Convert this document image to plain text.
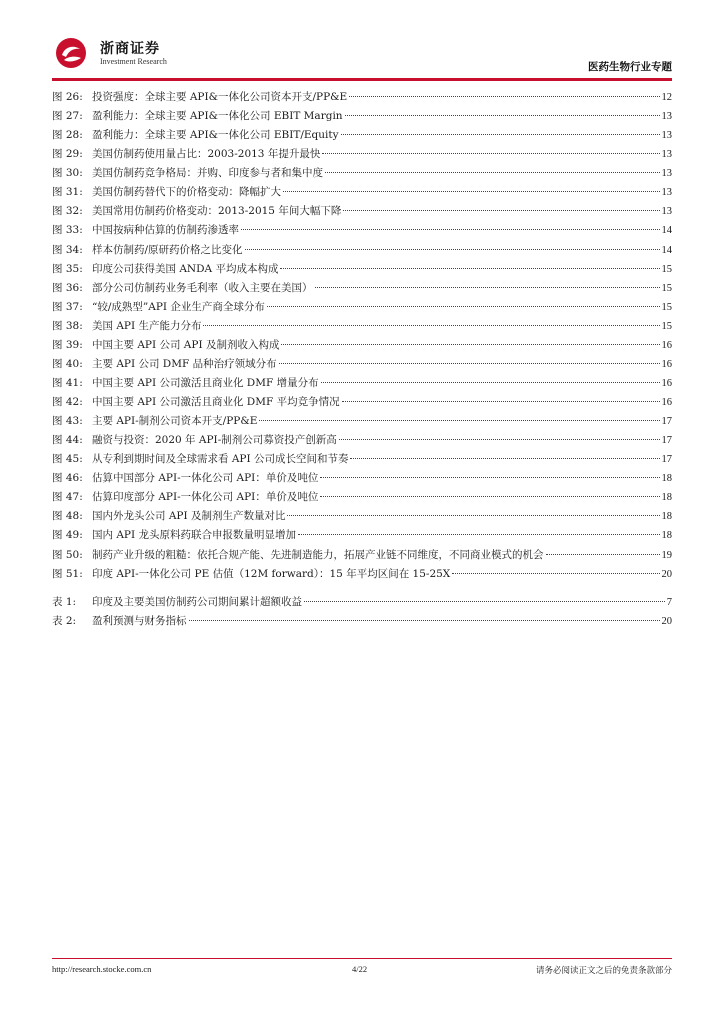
浙商证券
Investment Research	医药生物行业专题
图 26: 投资强度：全球主要 API&一体化公司资本开支/PP&E	12
图 27: 盈利能力：全球主要 API&一体化公司 EBIT Margin	13
图 28: 盈利能力：全球主要 API&一体化公司 EBIT/Equity	13
图 29: 美国仿制药使用量占比：2003-2013 年提升最快	13
图 30: 美国仿制药竞争格局：并购、印度参与者和集中度	13
图 31: 美国仿制药替代下的价格变动：降幅扩大	13
图 32: 美国常用仿制药价格变动：2013-2015 年间大幅下降	13
图 33: 中国按病种估算的仿制药渗透率	14
图 34: 样本仿制药/原研药价格之比变化	14
图 35: 印度公司获得美国 ANDA 平均成本构成	15
图 36: 部分公司仿制药业务毛利率（收入主要在美国）	15
图 37: “较/成熟型”API 企业生产商全球分布	15
图 38: 美国 API 生产能力分布	15
图 39: 中国主要 API 公司 API 及制剂收入构成	16
图 40: 主要 API 公司 DMF 品种治疗领域分布	16
图 41: 中国主要 API 公司激活且商业化 DMF 增量分布	16
图 42: 中国主要 API 公司激活且商业化 DMF 平均竞争情况	16
图 43: 主要 API-制剂公司资本开支/PP&E	17
图 44: 融资与投资：2020 年 API-制剂公司募资投产创新高	17
图 45: 从专利到期时间及全球需求看 API 公司成长空间和节奏	17
图 46: 估算中国部分 API-一体化公司 API：单价及吨位	18
图 47: 估算印度部分 API-一体化公司 API：单价及吨位	18
图 48: 国内外龙头公司 API 及制剂生产数量对比	18
图 49: 国内 API 龙头原料药联合申报数量明显增加	18
图 50: 制药产业升级的粗糙：依托合规产能、先进制造能力，拓展产业链不同维度，不同商业模式的机会	19
图 51: 印度 API-一体化公司 PE 估值（12M forward）：15 年平均区间在 15-25X	20
表 1:	印度及主要美国仿制药公司期间累计超额收益	7
表 2:	盈利预测与财务指标	20
http://research.stocke.com.cn	4/22	请务必阅读正文之后的免责条款部分
